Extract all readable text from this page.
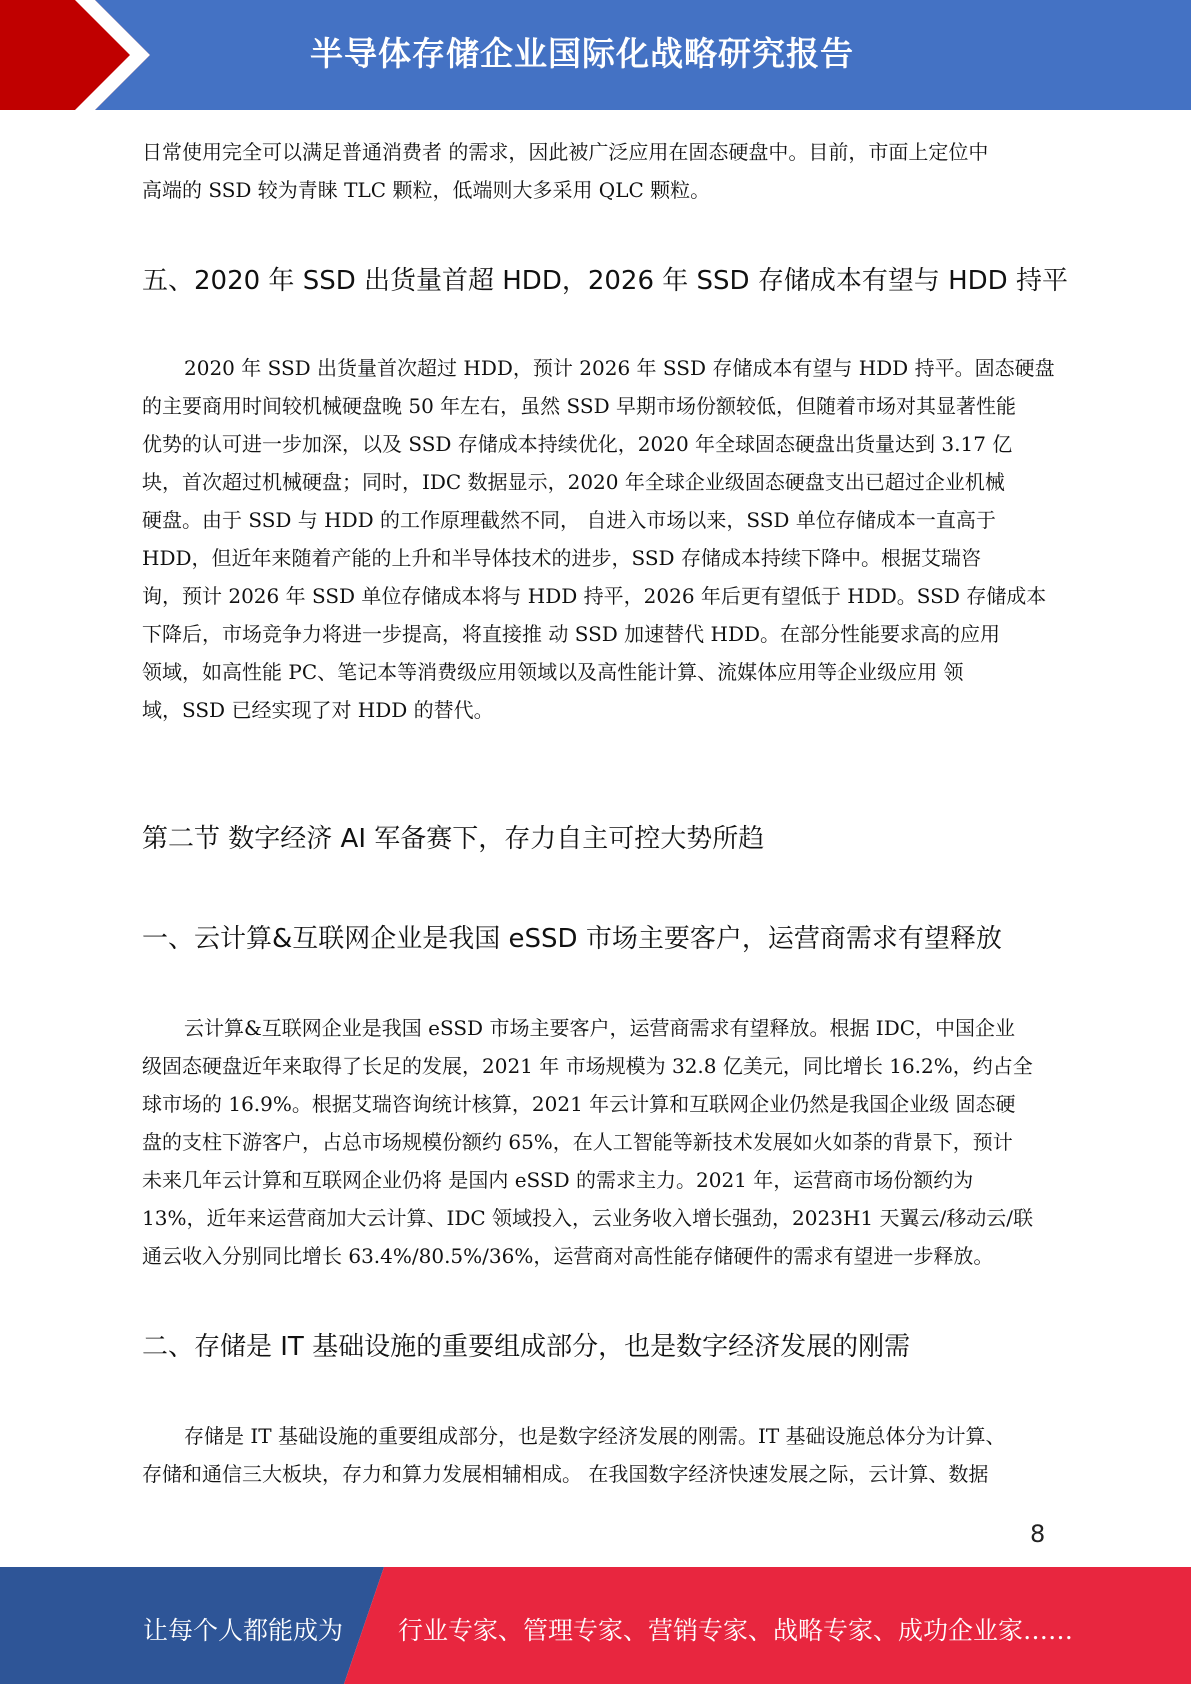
半导体存储企业国际化战略研究报告
日常使用完全可以满足普通消费者 的需求，因此被广泛应用在固态硬盘中。目前，市面上定位中
高端的 SSD 较为青睐 TLC 颗粒，低端则大多采用 QLC 颗粒。
五、2020 年 SSD 出货量首超 HDD，2026 年 SSD 存储成本有望与 HDD 持平
2020 年 SSD 出货量首次超过 HDD，预计 2026 年 SSD 存储成本有望与 HDD 持平。固态硬盘
的主要商用时间较机械硬盘晚 50 年左右，虽然 SSD 早期市场份额较低，但随着市场对其显著性能
优势的认可进一步加深，以及 SSD 存储成本持续优化，2020 年全球固态硬盘出货量达到 3.17 亿
块，首次超过机械硬盘；同时，IDC 数据显示，2020 年全球企业级固态硬盘支出已超过企业机械
硬盘。由于 SSD 与 HDD 的工作原理截然不同， 自进入市场以来，SSD 单位存储成本一直高于
HDD，但近年来随着产能的上升和半导体技术的进步，SSD 存储成本持续下降中。根据艾瑞咨
询，预计 2026 年 SSD 单位存储成本将与 HDD 持平，2026 年后更有望低于 HDD。SSD 存储成本
下降后，市场竞争力将进一步提高，将直接推 动 SSD 加速替代 HDD。在部分性能要求高的应用
领域，如高性能 PC、笔记本等消费级应用领域以及高性能计算、流媒体应用等企业级应用 领
域，SSD 已经实现了对 HDD 的替代。
第二节 数字经济 AI 军备赛下，存力自主可控大势所趋
一、云计算&互联网企业是我国 eSSD 市场主要客户，运营商需求有望释放
云计算&互联网企业是我国 eSSD 市场主要客户，运营商需求有望释放。根据 IDC，中国企业
级固态硬盘近年来取得了长足的发展，2021 年 市场规模为 32.8 亿美元，同比增长 16.2%，约占全
球市场的 16.9%。根据艾瑞咨询统计核算，2021 年云计算和互联网企业仍然是我国企业级 固态硬
盘的支柱下游客户，占总市场规模份额约 65%，在人工智能等新技术发展如火如荼的背景下，预计
未来几年云计算和互联网企业仍将 是国内 eSSD 的需求主力。2021 年，运营商市场份额约为
13%，近年来运营商加大云计算、IDC 领域投入，云业务收入增长强劲，2023H1 天翼云/移动云/联
通云收入分别同比增长 63.4%/80.5%/36%，运营商对高性能存储硬件的需求有望进一步释放。
二、存储是 IT 基础设施的重要组成部分，也是数字经济发展的刚需
存储是 IT 基础设施的重要组成部分，也是数字经济发展的刚需。IT 基础设施总体分为计算、
存储和通信三大板块，存力和算力发展相辅相成。 在我国数字经济快速发展之际，云计算、数据
8
让每个人都能成为 行业专家、管理专家、营销专家、战略专家、成功企业家……
